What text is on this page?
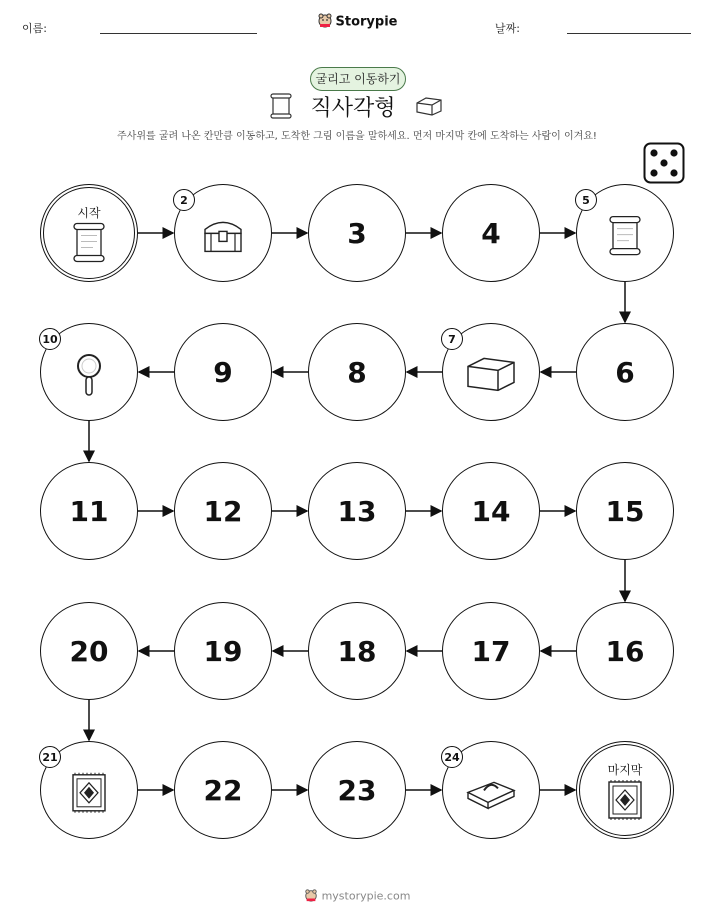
이름:	Storypie	날짜:
굴리고 이동하기
직사각형
주사위를 굴려 나온 칸만큼 이동하고, 도착한 그림 이름을 말하세요. 먼저 마지막 칸에 도착하는 사람이 이겨요!
시작
2
3	4
5
6
7
8
9
10
11	12	13	14	15
16
17
18
19
20
21
22	23
24
마지막
mystorypie.com
